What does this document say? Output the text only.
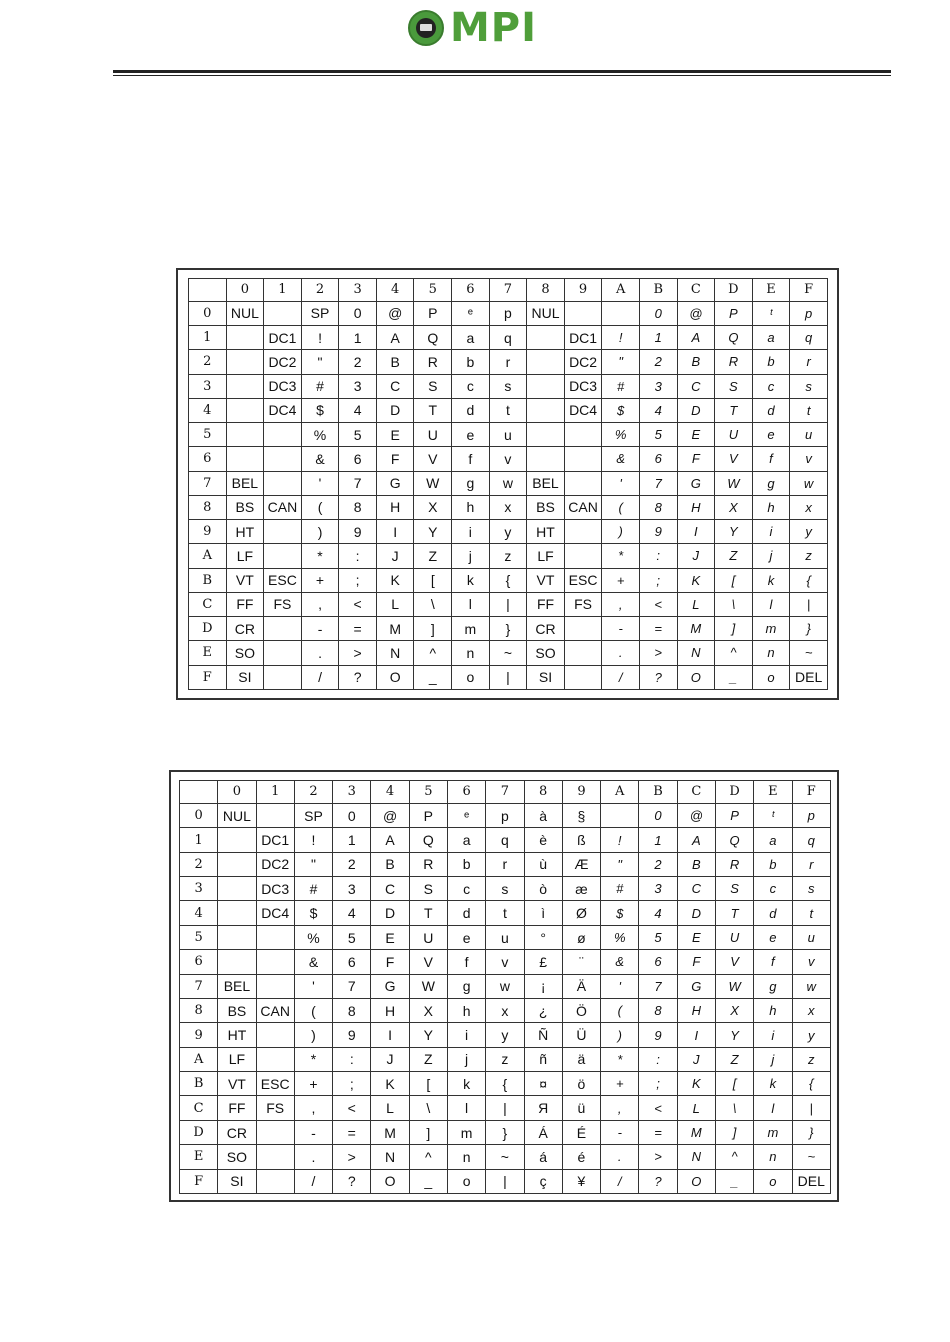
MPI
	0	1	2	3	4	5	6	7	8	9	A	B	C	D	E	F
0	NUL		SP	0	@	P	ᵉ	p	NUL			0	@	P	ᵗ	p
1		DC1	!	1	A	Q	a	q		DC1	!	1	A	Q	a	q
2		DC2	"	2	B	R	b	r		DC2	"	2	B	R	b	r
3		DC3	#	3	C	S	c	s		DC3	#	3	C	S	c	s
4		DC4	$	4	D	T	d	t		DC4	$	4	D	T	d	t
5			%	5	E	U	e	u			%	5	E	U	e	u
6			&	6	F	V	f	v			&	6	F	V	f	v
7	BEL		'	7	G	W	g	w	BEL		'	7	G	W	g	w
8	BS	CAN	(	8	H	X	h	x	BS	CAN	(	8	H	X	h	x
9	HT		)	9	I	Y	i	y	HT		)	9	I	Y	i	y
A	LF		*	:	J	Z	j	z	LF		*	:	J	Z	j	z
B	VT	ESC	+	;	K	[	k	{	VT	ESC	+	;	K	[	k	{
C	FF	FS	,	<	L	\	l	|	FF	FS	,	<	L	\	l	|
D	CR		-	=	M	]	m	}	CR		-	=	M	]	m	}
E	SO		.	>	N	^	n	~	SO		.	>	N	^	n	~
F	SI		/	?	O	_	o	|	SI		/	?	O	_	o	DEL
	0	1	2	3	4	5	6	7	8	9	A	B	C	D	E	F
0	NUL		SP	0	@	P	ᵉ	p	à	§		0	@	P	ᵗ	p
1		DC1	!	1	A	Q	a	q	è	ß	!	1	A	Q	a	q
2		DC2	"	2	B	R	b	r	ù	Æ	"	2	B	R	b	r
3		DC3	#	3	C	S	c	s	ò	æ	#	3	C	S	c	s
4		DC4	$	4	D	T	d	t	ì	Ø	$	4	D	T	d	t
5			%	5	E	U	e	u	°	ø	%	5	E	U	e	u
6			&	6	F	V	f	v	£	¨	&	6	F	V	f	v
7	BEL		'	7	G	W	g	w	¡	Ä	'	7	G	W	g	w
8	BS	CAN	(	8	H	X	h	x	¿	Ö	(	8	H	X	h	x
9	HT		)	9	I	Y	i	y	Ñ	Ü	)	9	I	Y	i	y
A	LF		*	:	J	Z	j	z	ñ	ä	*	:	J	Z	j	z
B	VT	ESC	+	;	K	[	k	{	¤	ö	+	;	K	[	k	{
C	FF	FS	,	<	L	\	l	|	Я	ü	,	<	L	\	l	|
D	CR		-	=	M	]	m	}	Á	É	-	=	M	]	m	}
E	SO		.	>	N	^	n	~	á	é	.	>	N	^	n	~
F	SI		/	?	O	_	o	|	ç	¥	/	?	O	_	o	DEL
